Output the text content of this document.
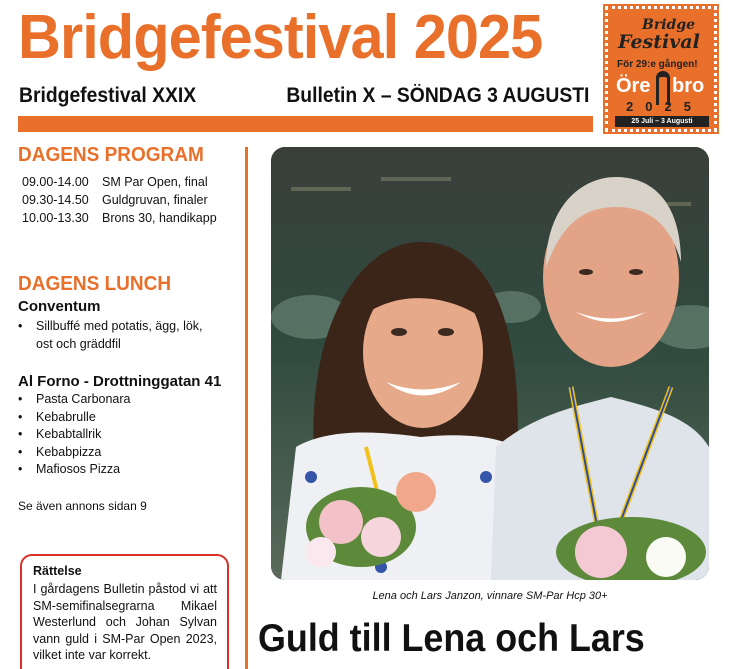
Bridgefestival 2025
Bridgefestival XXIX	Bulletin X – SÖNDAG 3 AUGUSTI
Bridge
Festival
För 29:e gången!
Öre bro
2025
25 Juli – 3 Augusti
DAGENS PROGRAM
09.00-14.00	SM Par Open, final
09.30-14.50	Guldgruvan, finaler
10.00-13.30	Brons 30, handikapp
DAGENS LUNCH
Conventum
• Sillbuffé med potatis, ägg, lök,
ost och gräddfil
Al Forno - Drottninggatan 41
• Pasta Carbonara
• Kebabrulle
• Kebabtallrik
• Kebabpizza
• Mafiosos Pizza
Se även annons sidan 9
Rättelse
I gårdagens Bulletin påstod vi att SM-semifinalsegrarna Mikael Westerlund och Johan Sylvan vann guld i SM-Par Open 2023, vilket inte var korrekt.
Lena och Lars Janzon, vinnare SM-Par Hcp 30+
Guld till Lena och Lars
